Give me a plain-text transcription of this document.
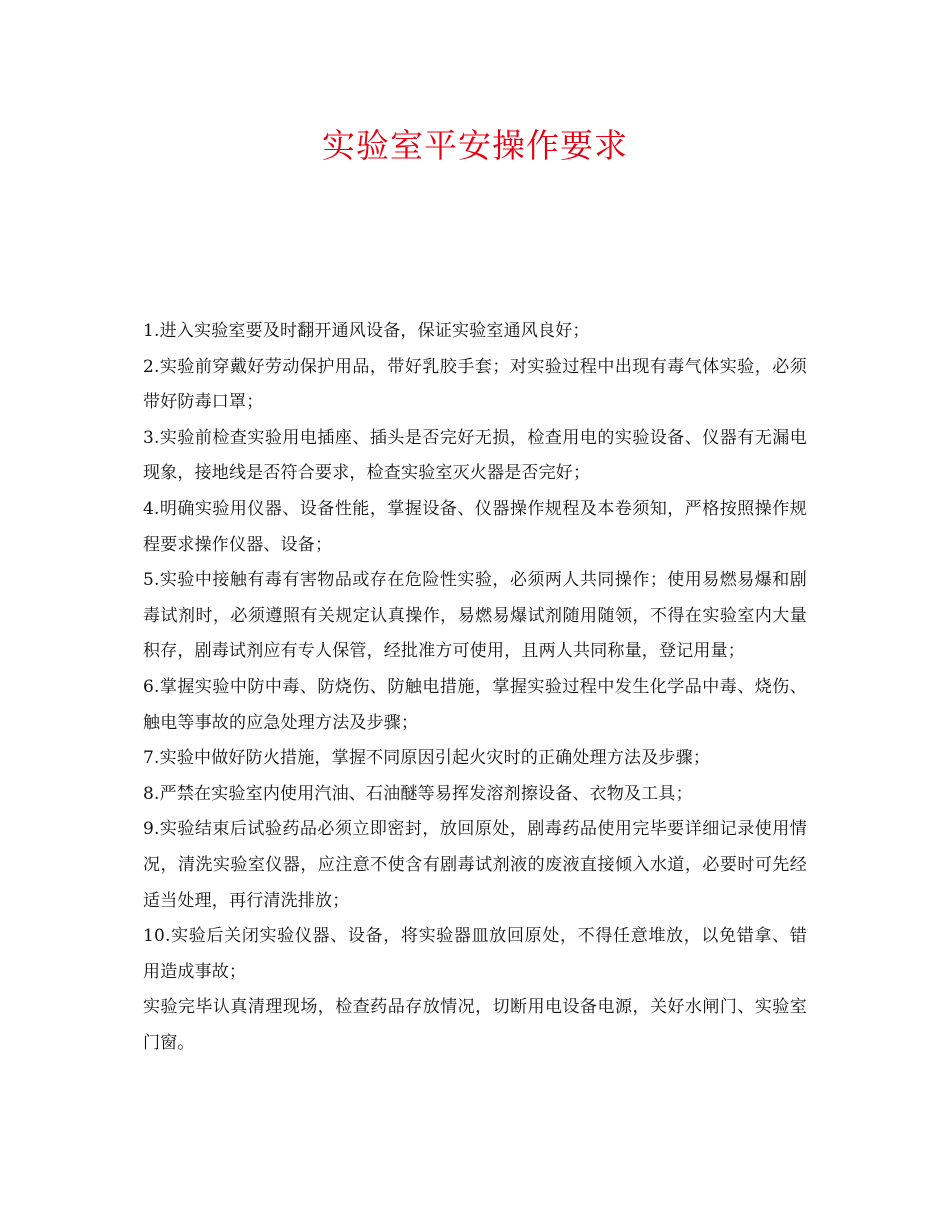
实验室平安操作要求

1.进入实验室要及时翻开通风设备，保证实验室通风良好；

2.实验前穿戴好劳动保护用品，带好乳胶手套；对实验过程中出现有毒气体实验，必须带好防毒口罩；

3.实验前检查实验用电插座、插头是否完好无损，检查用电的实验设备、仪器有无漏电现象，接地线是否符合要求，检查实验室灭火器是否完好；

4.明确实验用仪器、设备性能，掌握设备、仪器操作规程及本卷须知，严格按照操作规程要求操作仪器、设备；

5.实验中接触有毒有害物品或存在危险性实验，必须两人共同操作；使用易燃易爆和剧毒试剂时，必须遵照有关规定认真操作，易燃易爆试剂随用随领，不得在实验室内大量积存，剧毒试剂应有专人保管，经批准方可使用，且两人共同称量，登记用量；

6.掌握实验中防中毒、防烧伤、防触电措施，掌握实验过程中发生化学品中毒、烧伤、触电等事故的应急处理方法及步骤；

7.实验中做好防火措施，掌握不同原因引起火灾时的正确处理方法及步骤；

8.严禁在实验室内使用汽油、石油醚等易挥发溶剂擦设备、衣物及工具；

9.实验结束后试验药品必须立即密封，放回原处，剧毒药品使用完毕要详细记录使用情况，清洗实验室仪器，应注意不使含有剧毒试剂液的废液直接倾入水道，必要时可先经适当处理，再行清洗排放；

10.实验后关闭实验仪器、设备，将实验器皿放回原处，不得任意堆放，以免错拿、错用造成事故；

实验完毕认真清理现场，检查药品存放情况，切断用电设备电源，关好水闸门、实验室门窗。
